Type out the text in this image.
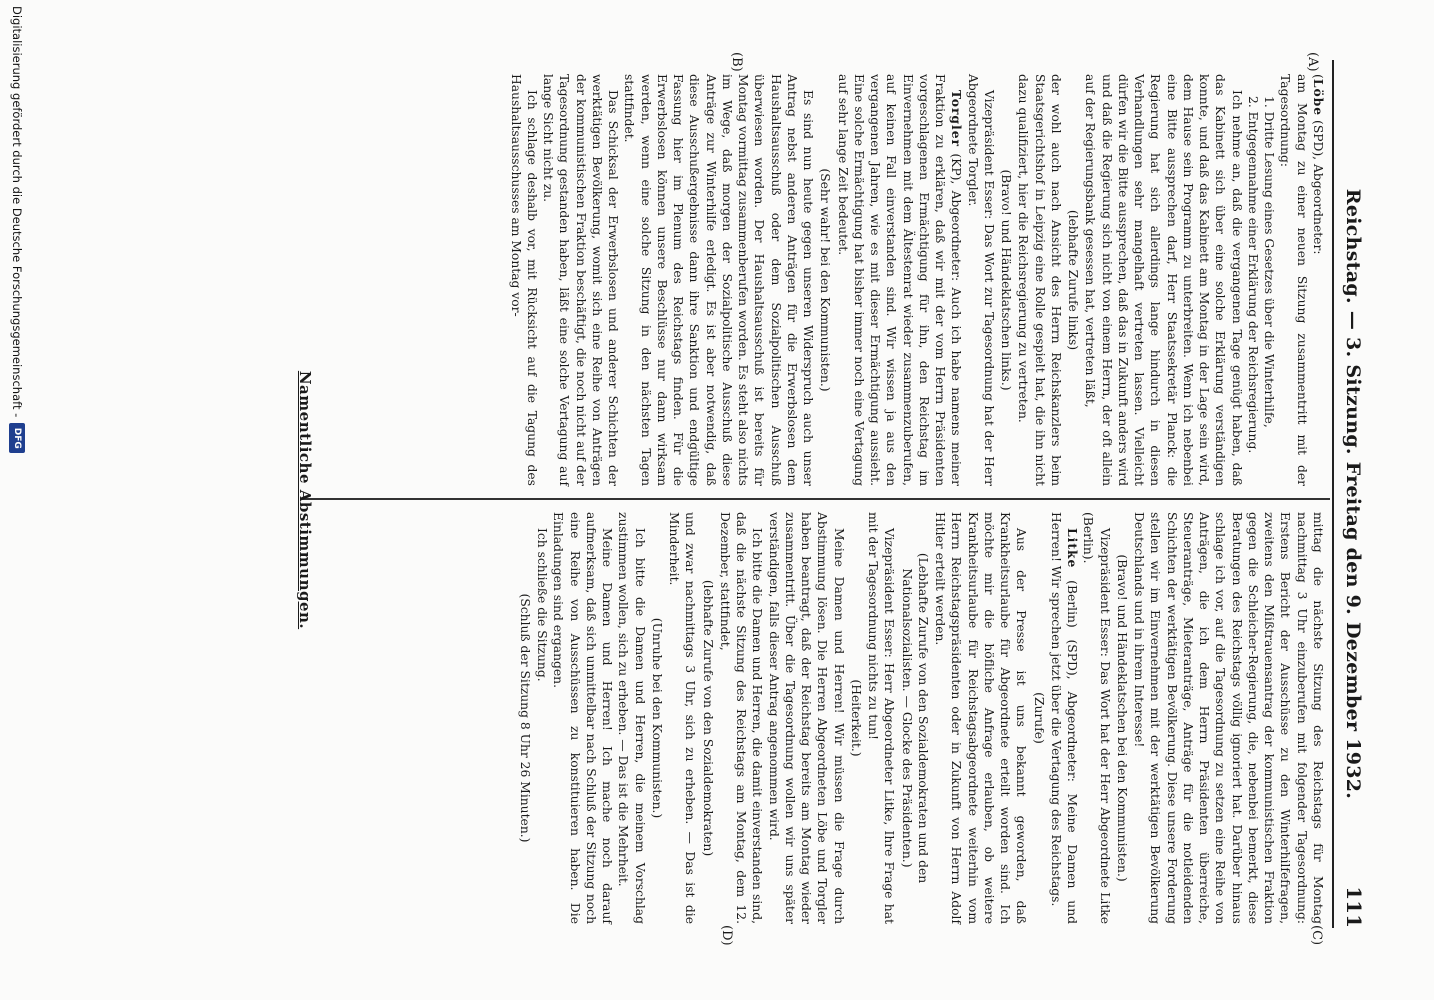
Reichstag. — 3. Sitzung. Freitag den 9. Dezember 1932.
111
(A)
(B)
(C)
(D)

(Löbe (SPD), Abgeordneter:

am Montag zu einer neuen Sitzung zusammentritt mit der Tagesordnung:

1. Dritte Lesung eines Gesetzes über die Winterhilfe,

2. Entgegennahme einer Erklärung der Reichsregierung.

Ich nehme an, daß die vergangenen Tage genügt haben, daß das Kabinett sich über eine solche Erklärung verständigen konnte, und daß das Kabinett am Montag in der Lage sein wird, dem Hause sein Programm zu unterbreiten. Wenn ich nebenbei eine Bitte aussprechen darf, Herr Staatssekretär Planck: die Regierung hat sich allerdings lange hindurch in diesen Verhandlungen sehr mangelhaft vertreten lassen. Vielleicht dürfen wir die Bitte aussprechen, daß das in Zukunft anders wird und daß die Regierung sich nicht von einem Herrn, der oft allein auf der Regierungsbank gesessen hat, vertreten läßt,

(lebhafte Zurufe links)

der wohl auch nach Ansicht des Herrn Reichskanzlers beim Staatsgerichtshof in Leipzig eine Rolle gespielt hat, die ihn nicht dazu qualifiziert, hier die Reichsregierung zu vertreten.

(Bravo! und Händeklatschen links.)

Vizepräsident Esser: Das Wort zur Tagesordnung hat der Herr Abgeordnete Torgler.

Torgler (KP), Abgeordneter: Auch ich habe namens meiner Fraktion zu erklären, daß wir mit der vom Herrn Präsidenten vorgeschlagenen Ermächtigung für ihn, den Reichstag im Einvernehmen mit dem Ältestenrat wieder zusammenzuberufen, auf keinen Fall einverstanden sind. Wir wissen ja aus den vergangenen Jahren, wie es mit dieser Ermächtigung aussieht. Eine solche Ermächtigung hat bisher immer noch eine Vertagung auf sehr lange Zeit bedeutet.

(Sehr wahr! bei den Kommunisten.)

Es sind nun heute gegen unseren Widerspruch auch unser Antrag nebst anderen Anträgen für die Erwerbslosen dem Haushaltsausschuß oder dem Sozialpolitischen Ausschuß überwiesen worden. Der Haushaltsausschuß ist bereits für Montag vormittag zusammenberufen worden. Es steht also nichts im Wege, daß morgen der Sozialpolitische Ausschuß diese Anträge zur Winterhilfe erledigt. Es ist aber notwendig, daß diese Ausschußergebnisse dann ihre Sanktion und endgültige Fassung hier im Plenum des Reichstags finden. Für die Erwerbslosen können unsere Beschlüsse nur dann wirksam werden, wenn eine solche Sitzung in den nächsten Tagen stattfindet.

Das Schicksal der Erwerbslosen und anderer Schichten der werktätigen Bevölkerung, womit sich eine Reihe von Anträgen der kommunistischen Fraktion beschäftigt, die noch nicht auf der Tagesordnung gestanden haben, läßt eine solche Vertagung auf lange Sicht nicht zu.

Ich schlage deshalb vor, mit Rücksicht auf die Tagung des Haushaltsausschusses am Montag vor-

mittag die nächste Sitzung des Reichstags für Montag nachmittag 3 Uhr einzuberufen mit folgender Tagesordnung: Erstens Bericht der Ausschüsse zu den Winterhilfefragen, zweitens den Mißtrauensantrag der kommunistischen Fraktion gegen die Schleicher-Regierung, die, nebenbei bemerkt, diese Beratungen des Reichstags völlig ignoriert hat. Darüber hinaus schlage ich vor, auf die Tagesordnung zu setzen eine Reihe von Anträgen, die ich dem Herrn Präsidenten überreiche, Steueranträge, Mieteranträge, Anträge für die notleidenden Schichten der werktätigen Bevölkerung. Diese unsere Forderung stellen wir im Einvernehmen mit der werktätigen Bevölkerung Deutschlands und in ihrem Interesse!

(Bravo! und Händeklatschen bei den Kommunisten.)

Vizepräsident Esser: Das Wort hat der Herr Abgeordnete Litke (Berlin).

Litke (Berlin) (SPD), Abgeordneter: Meine Damen und Herren! Wir sprechen jetzt über die Vertagung des Reichstags.

(Zurufe)

Aus der Presse ist uns bekannt geworden, daß Krankheitsurlaube für Abgeordnete erteilt worden sind. Ich möchte mir die höfliche Anfrage erlauben, ob weitere Krankheitsurlaube für Reichstagsabgeordnete weiterhin vom Herrn Reichstagspräsidenten oder in Zukunft von Herrn Adolf Hitler erteilt werden.

(Lebhafte Zurufe von den Sozialdemokraten und den Nationalsozialisten. — Glocke des Präsidenten.)

Vizepräsident Esser: Herr Abgeordneter Litke, Ihre Frage hat mit der Tagesordnung nichts zu tun!

(Heiterkeit.)

Meine Damen und Herren! Wir müssen die Frage durch Abstimmung lösen. Die Herren Abgeordneten Löbe und Torgler haben beantragt, daß der Reichstag bereits am Montag wieder zusammentritt. Über die Tagesordnung wollen wir uns später verständigen, falls dieser Antrag angenommen wird.

Ich bitte die Damen und Herren, die damit einverstanden sind, daß die nächste Sitzung des Reichstags am Montag, dem 12. Dezember, stattfindet,

(lebhafte Zurufe von den Sozialdemokraten)

und zwar nachmittags 3 Uhr, sich zu erheben. — Das ist die Minderheit.

(Unruhe bei den Kommunisten.)

Ich bitte die Damen und Herren, die meinem Vorschlag zustimmen wollen, sich zu erheben. — Das ist die Mehrheit.

Meine Damen und Herren! Ich mache noch darauf aufmerksam, daß sich unmittelbar nach Schluß der Sitzung noch eine Reihe von Ausschüssen zu konstituieren haben. Die Einladungen sind ergangen.

Ich schließe die Sitzung.

(Schluß der Sitzung 8 Uhr 26 Minuten.)

Namentliche Abstimmungen.
Digitalisierung gefördert durch die Deutsche Forschungsgemeinschaft -
DFG
